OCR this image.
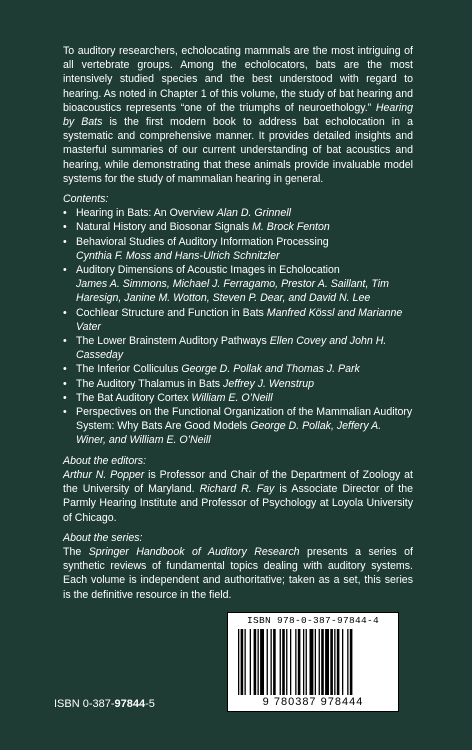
To auditory researchers, echolocating mammals are the most intriguing of all vertebrate groups. Among the echolocators, bats are the most intensively studied species and the best understood with regard to hearing. As noted in Chapter 1 of this volume, the study of bat hearing and bioacoustics represents “one of the triumphs of neuroethology.” Hearing by Bats is the first modern book to address bat echolocation in a systematic and comprehensive manner. It provides detailed insights and masterful summaries of our current understanding of bat acoustics and hearing, while demonstrating that these animals provide invaluable model systems for the study of mammalian hearing in general.

Contents:
• Hearing in Bats: An Overview Alan D. Grinnell
• Natural History and Biosonar Signals M. Brock Fenton
• Behavioral Studies of Auditory Information Processing
Cynthia F. Moss and Hans-Ulrich Schnitzler
• Auditory Dimensions of Acoustic Images in Echolocation
James A. Simmons, Michael J. Ferragamo, Prestor A. Saillant, Tim Haresign, Janine M. Wotton, Steven P. Dear, and David N. Lee
• Cochlear Structure and Function in Bats Manfred Kössl and Marianne Vater
• The Lower Brainstem Auditory Pathways Ellen Covey and John H. Casseday
• The Inferior Colliculus George D. Pollak and Thomas J. Park
• The Auditory Thalamus in Bats Jeffrey J. Wenstrup
• The Bat Auditory Cortex William E. O’Neill
• Perspectives on the Functional Organization of the Mammalian Auditory System: Why Bats Are Good Models George D. Pollak, Jeffery A. Winer, and William E. O’Neill
About the editors:

Arthur N. Popper is Professor and Chair of the Department of Zoology at the University of Maryland. Richard R. Fay is Associate Director of the Parmly Hearing Institute and Professor of Psychology at Loyola University of Chicago.

About the series:

The Springer Handbook of Auditory Research presents a series of synthetic reviews of fundamental topics dealing with auditory systems. Each volume is independent and authoritative; taken as a set, this series is the definitive resource in the field.

ISBN 978-0-387-97844-4
9 780387 978444
ISBN 0-387-97844-5
